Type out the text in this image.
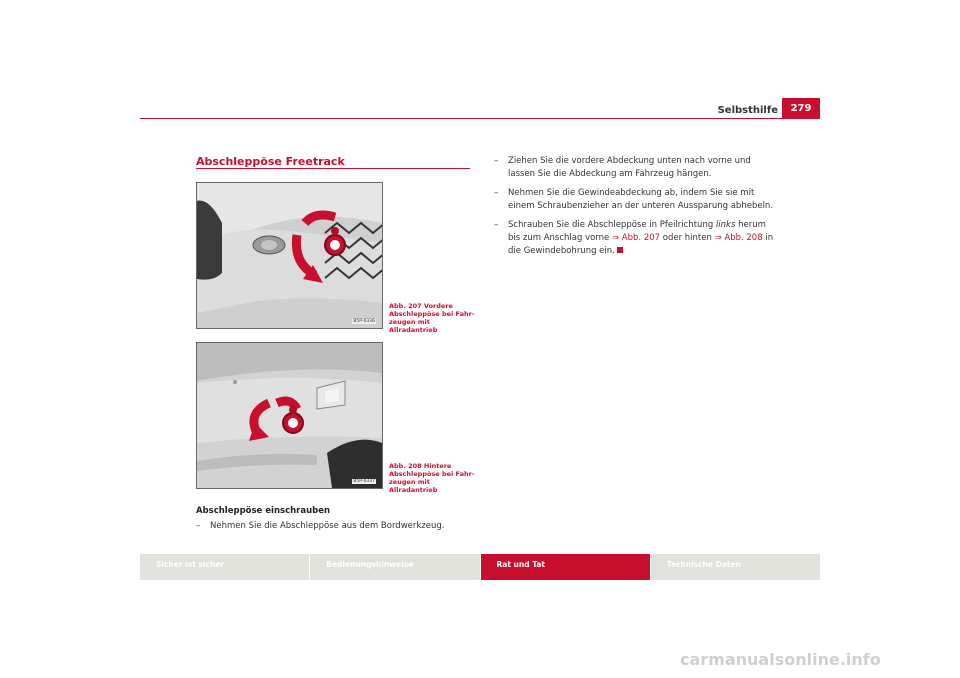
Selbsthilfe	279
Abschleppöse Freetrack
B5P-0336
Abb. 207 Vordere Abschleppöse bei Fahr-zeugen mit Allradantrieb
B5P-0337
Abb. 208 Hintere Abschleppöse bei Fahr-zeugen mit Allradantrieb
Abschleppöse einschrauben
–	Nehmen Sie die Abschleppöse aus dem Bordwerkzeug.
–	Ziehen Sie die vordere Abdeckung unten nach vorne und lassen Sie die Abdeckung am Fahrzeug hängen.
–	Nehmen Sie die Gewindeabdeckung ab, indem Sie sie mit einem Schraubenzieher an der unteren Aussparung abhebeln.
–	Schrauben Sie die Abschleppöse in Pfeilrichtung links herum bis zum Anschlag vorne ⇒ Abb. 207 oder hinten ⇒ Abb. 208 in die Gewindebohrung ein.
Sicher ist sicher	Bedienungshinweise	Rat und Tat	Technische Daten
carmanualsonline.info
